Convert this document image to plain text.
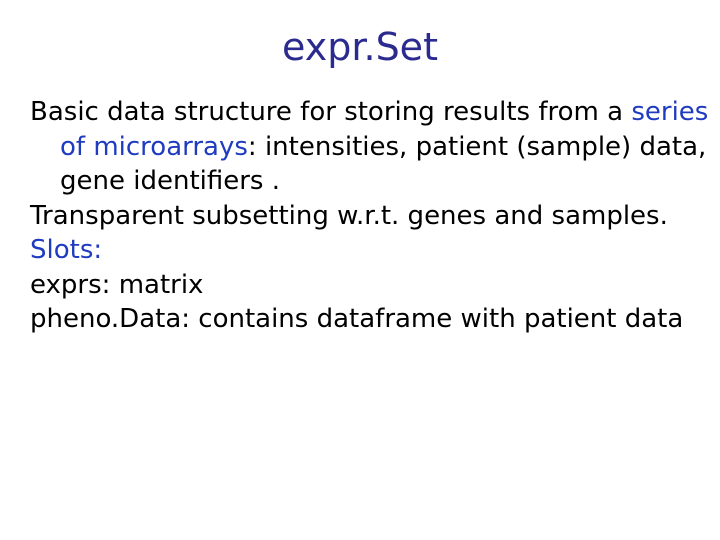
expr.Set

Basic data structure for storing results from a series of microarrays: intensities, patient (sample) data, gene identifiers .

Transparent subsetting w.r.t. genes and samples.

Slots:

exprs: matrix

pheno.Data: contains dataframe with patient data
